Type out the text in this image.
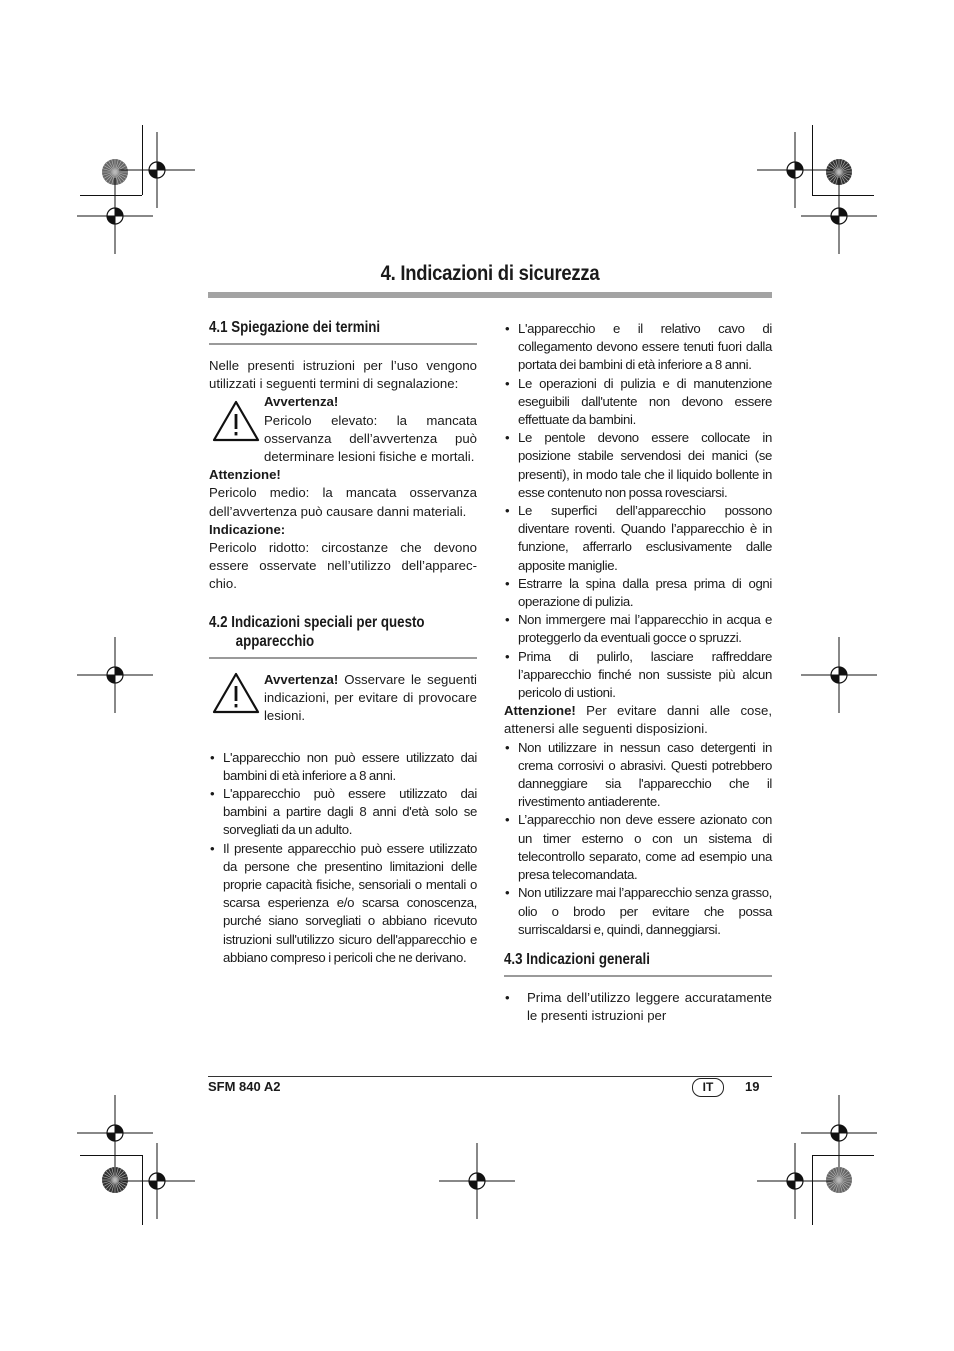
4. Indicazioni di sicurezza
4.1 Spiegazione dei termini

Nelle presenti istruzioni per l’uso vengono utilizzati i seguenti termini di segnalazione:

Avvertenza!

Pericolo elevato: la mancata osservanza dell’avvertenza può determinare lesioni fisiche e mortali.

Attenzione!

Pericolo medio: la mancata osservanza dell’avvertenza può causare danni materiali.

Indicazione:

Pericolo ridotto: circostanze che devono essere osservate nell’utilizzo dell’apparec-chio.

4.2 Indicazioni speciali per questo
apparecchio

Avvertenza! Osservare le seguenti indicazioni, per evitare di provocare lesioni.

• L'apparecchio non può essere utilizzato dai bambini di età inferiore a 8 anni.
• L'apparecchio può essere utilizzato dai bambini a partire dagli 8 anni d'età solo se sorvegliati da un adulto.
• Il presente apparecchio può essere utilizzato da persone che presentino limitazioni delle proprie capacità fisiche, sensoriali o mentali o scarsa esperienza e/o scarsa conoscenza, purché siano sorvegliati o abbiano ricevuto istruzioni sull'utilizzo sicuro dell'apparecchio e abbiano compreso i pericoli che ne derivano.
• L'apparecchio e il relativo cavo di collegamento devono essere tenuti fuori dalla portata dei bambini di età inferiore a 8 anni.
• Le operazioni di pulizia e di manutenzione eseguibili dall'utente non devono essere effettuate da bambini.
• Le pentole devono essere collocate in posizione stabile servendosi dei manici (se presenti), in modo tale che il liquido bollente in esse contenuto non possa rovesciarsi.
• Le superfici dell’apparecchio possono diventare roventi. Quando l’apparecchio è in funzione, afferrarlo esclusivamente dalle apposite maniglie.
• Estrarre la spina dalla presa prima di ogni operazione di pulizia.
• Non immergere mai l’apparecchio in acqua e proteggerlo da eventuali gocce o spruzzi.
• Prima di pulirlo, lasciare raffreddare l’apparecchio finché non sussiste più alcun pericolo di ustioni.

Attenzione! Per evitare danni alle cose, attenersi alle seguenti disposizioni.

• Non utilizzare in nessun caso detergenti in crema corrosivi o abrasivi. Questi potrebbero danneggiare sia l'apparecchio che il rivestimento antiaderente.
• L’apparecchio non deve essere azionato con un timer esterno o con un sistema di telecontrollo separato, come ad esempio una presa telecomandata.
• Non utilizzare mai l’apparecchio senza grasso, olio o brodo per evitare che possa surriscaldarsi e, quindi, danneggiarsi.
4.3 Indicazioni generali
• Prima dell’utilizzo leggere accuratamente le presenti istruzioni per
SFM 840 A2	IT	19
